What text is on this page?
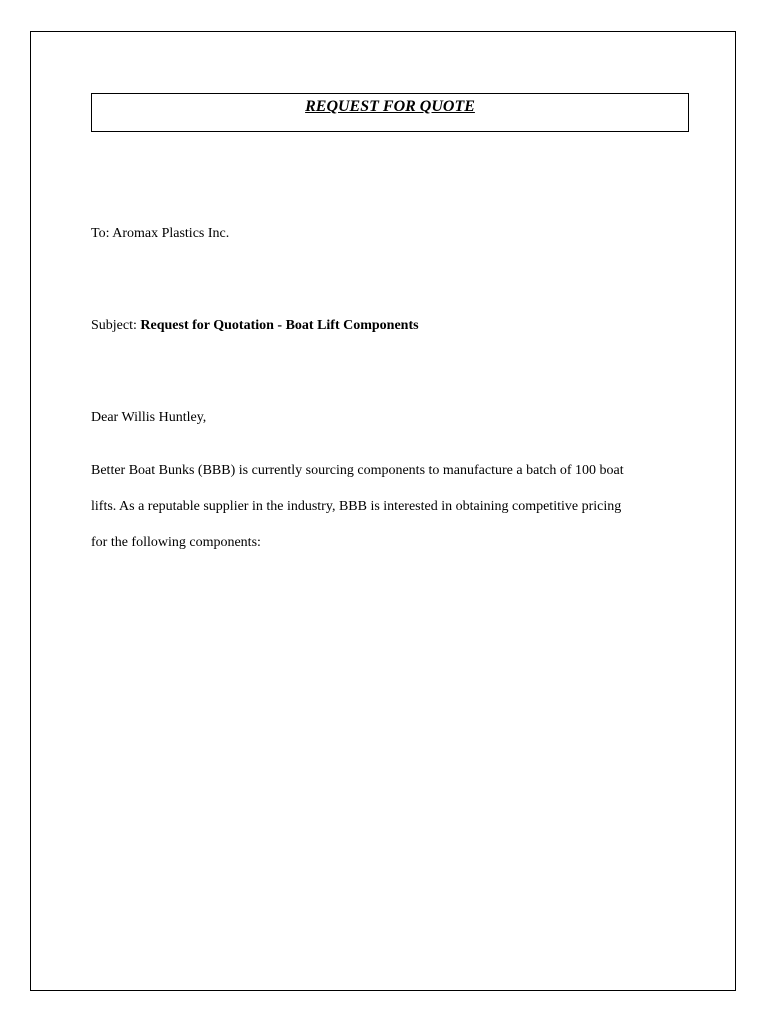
REQUEST FOR QUOTE
To: Aromax Plastics Inc.
Subject: Request for Quotation - Boat Lift Components
Dear Willis Huntley,
Better Boat Bunks (BBB) is currently sourcing components to manufacture a batch of 100 boat
lifts. As a reputable supplier in the industry, BBB is interested in obtaining competitive pricing
for the following components:
